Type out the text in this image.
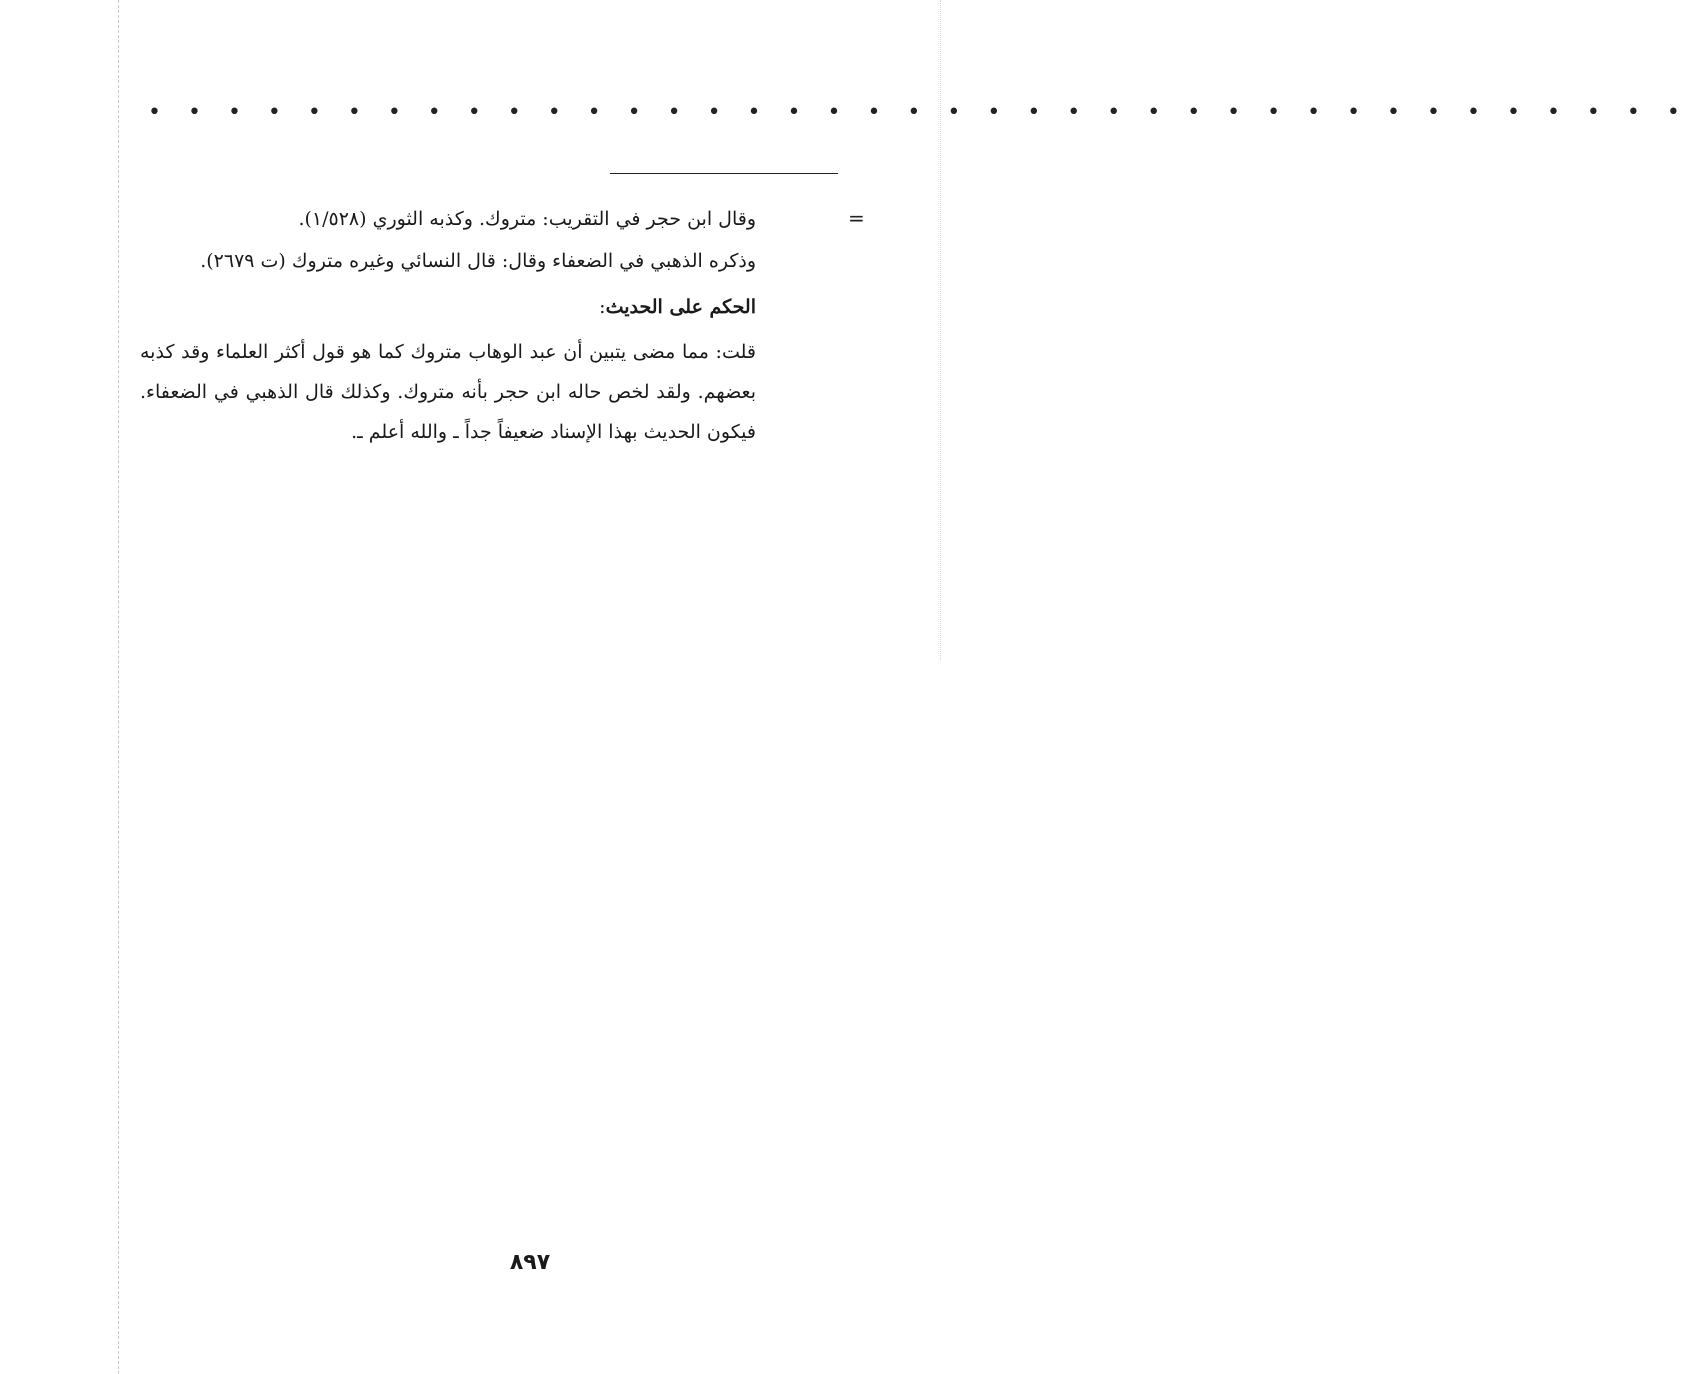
• • • • • • • • • • • • • • • • • • • • • • • • • • • • • • • • • • • • • • •
=

وقال ابن حجر في التقريب: متروك. وكذبه الثوري (١/٥٢٨).

وذكره الذهبي في الضعفاء وقال: قال النسائي وغيره متروك (ت ٢٦٧٩).

الحكم على الحديث:

قلت: مما مضى يتبين أن عبد الوهاب متروك كما هو قول أكثر العلماء وقد كذبه بعضهم. ولقد لخص حاله ابن حجر بأنه متروك. وكذلك قال الذهبي في الضعفاء. فيكون الحديث بهذا الإسناد ضعيفاً جداً ـ والله أعلم ـ.

٨٩٧
